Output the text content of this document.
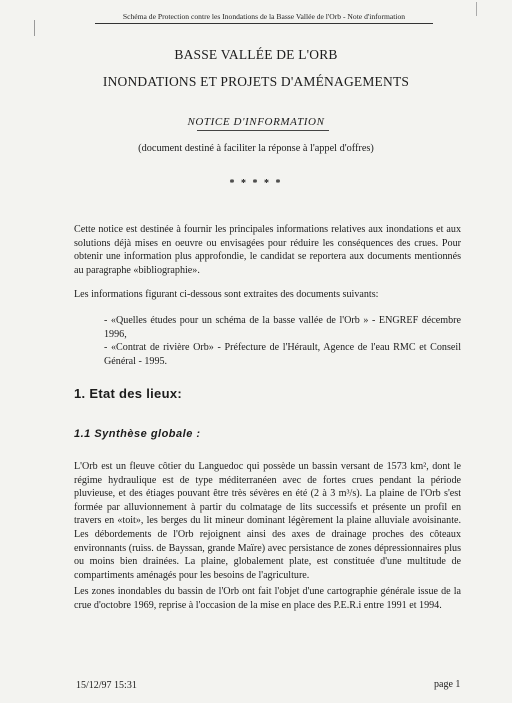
Schéma de Protection contre les Inondations de la Basse Vallée de l'Orb - Note d'information
BASSE VALLÉE DE L'ORB
INONDATIONS ET PROJETS D'AMÉNAGEMENTS
NOTICE D'INFORMATION
(document destiné à faciliter la réponse à l'appel d'offres)
* * * * *

Cette notice est destinée à fournir les principales informations relatives aux inondations et aux solutions déjà mises en oeuvre ou envisagées pour réduire les conséquences des crues. Pour obtenir une information plus approfondie, le candidat se reportera aux documents mentionnés au paragraphe «bibliographie».

Les informations figurant ci-dessous sont extraites des documents suivants:

- «Quelles études pour un schéma de la basse vallée de l'Orb » - ENGREF décembre 1996,

- «Contrat de rivière Orb» - Préfecture de l'Hérault, Agence de l'eau RMC et Conseil Général - 1995.

1. Etat des lieux:
1.1 Synthèse globale :

L'Orb est un fleuve côtier du Languedoc qui possède un bassin versant de 1573 km², dont le régime hydraulique est de type méditerranéen avec de fortes crues pendant la période pluvieuse, et des étiages pouvant être très sévères en été (2 à 3 m³/s). La plaine de l'Orb s'est formée par alluvionnement à partir du colmatage de lits successifs et présente un profil en travers en «toit», les berges du lit mineur dominant légèrement la plaine alluviale avoisinante. Les débordements de l'Orb rejoignent ainsi des axes de drainage proches des côteaux environnants (ruiss. de Bayssan, grande Maïre) avec persistance de zones dépressionnaires plus ou moins bien drainées. La plaine, globalement plate, est constituée d'une multitude de compartiments aménagés pour les besoins de l'agriculture.

Les zones inondables du bassin de l'Orb ont fait l'objet d'une cartographie générale issue de la crue d'octobre 1969, reprise à l'occasion de la mise en place des P.E.R.i entre 1991 et 1994.

15/12/97 15:31	page 1
